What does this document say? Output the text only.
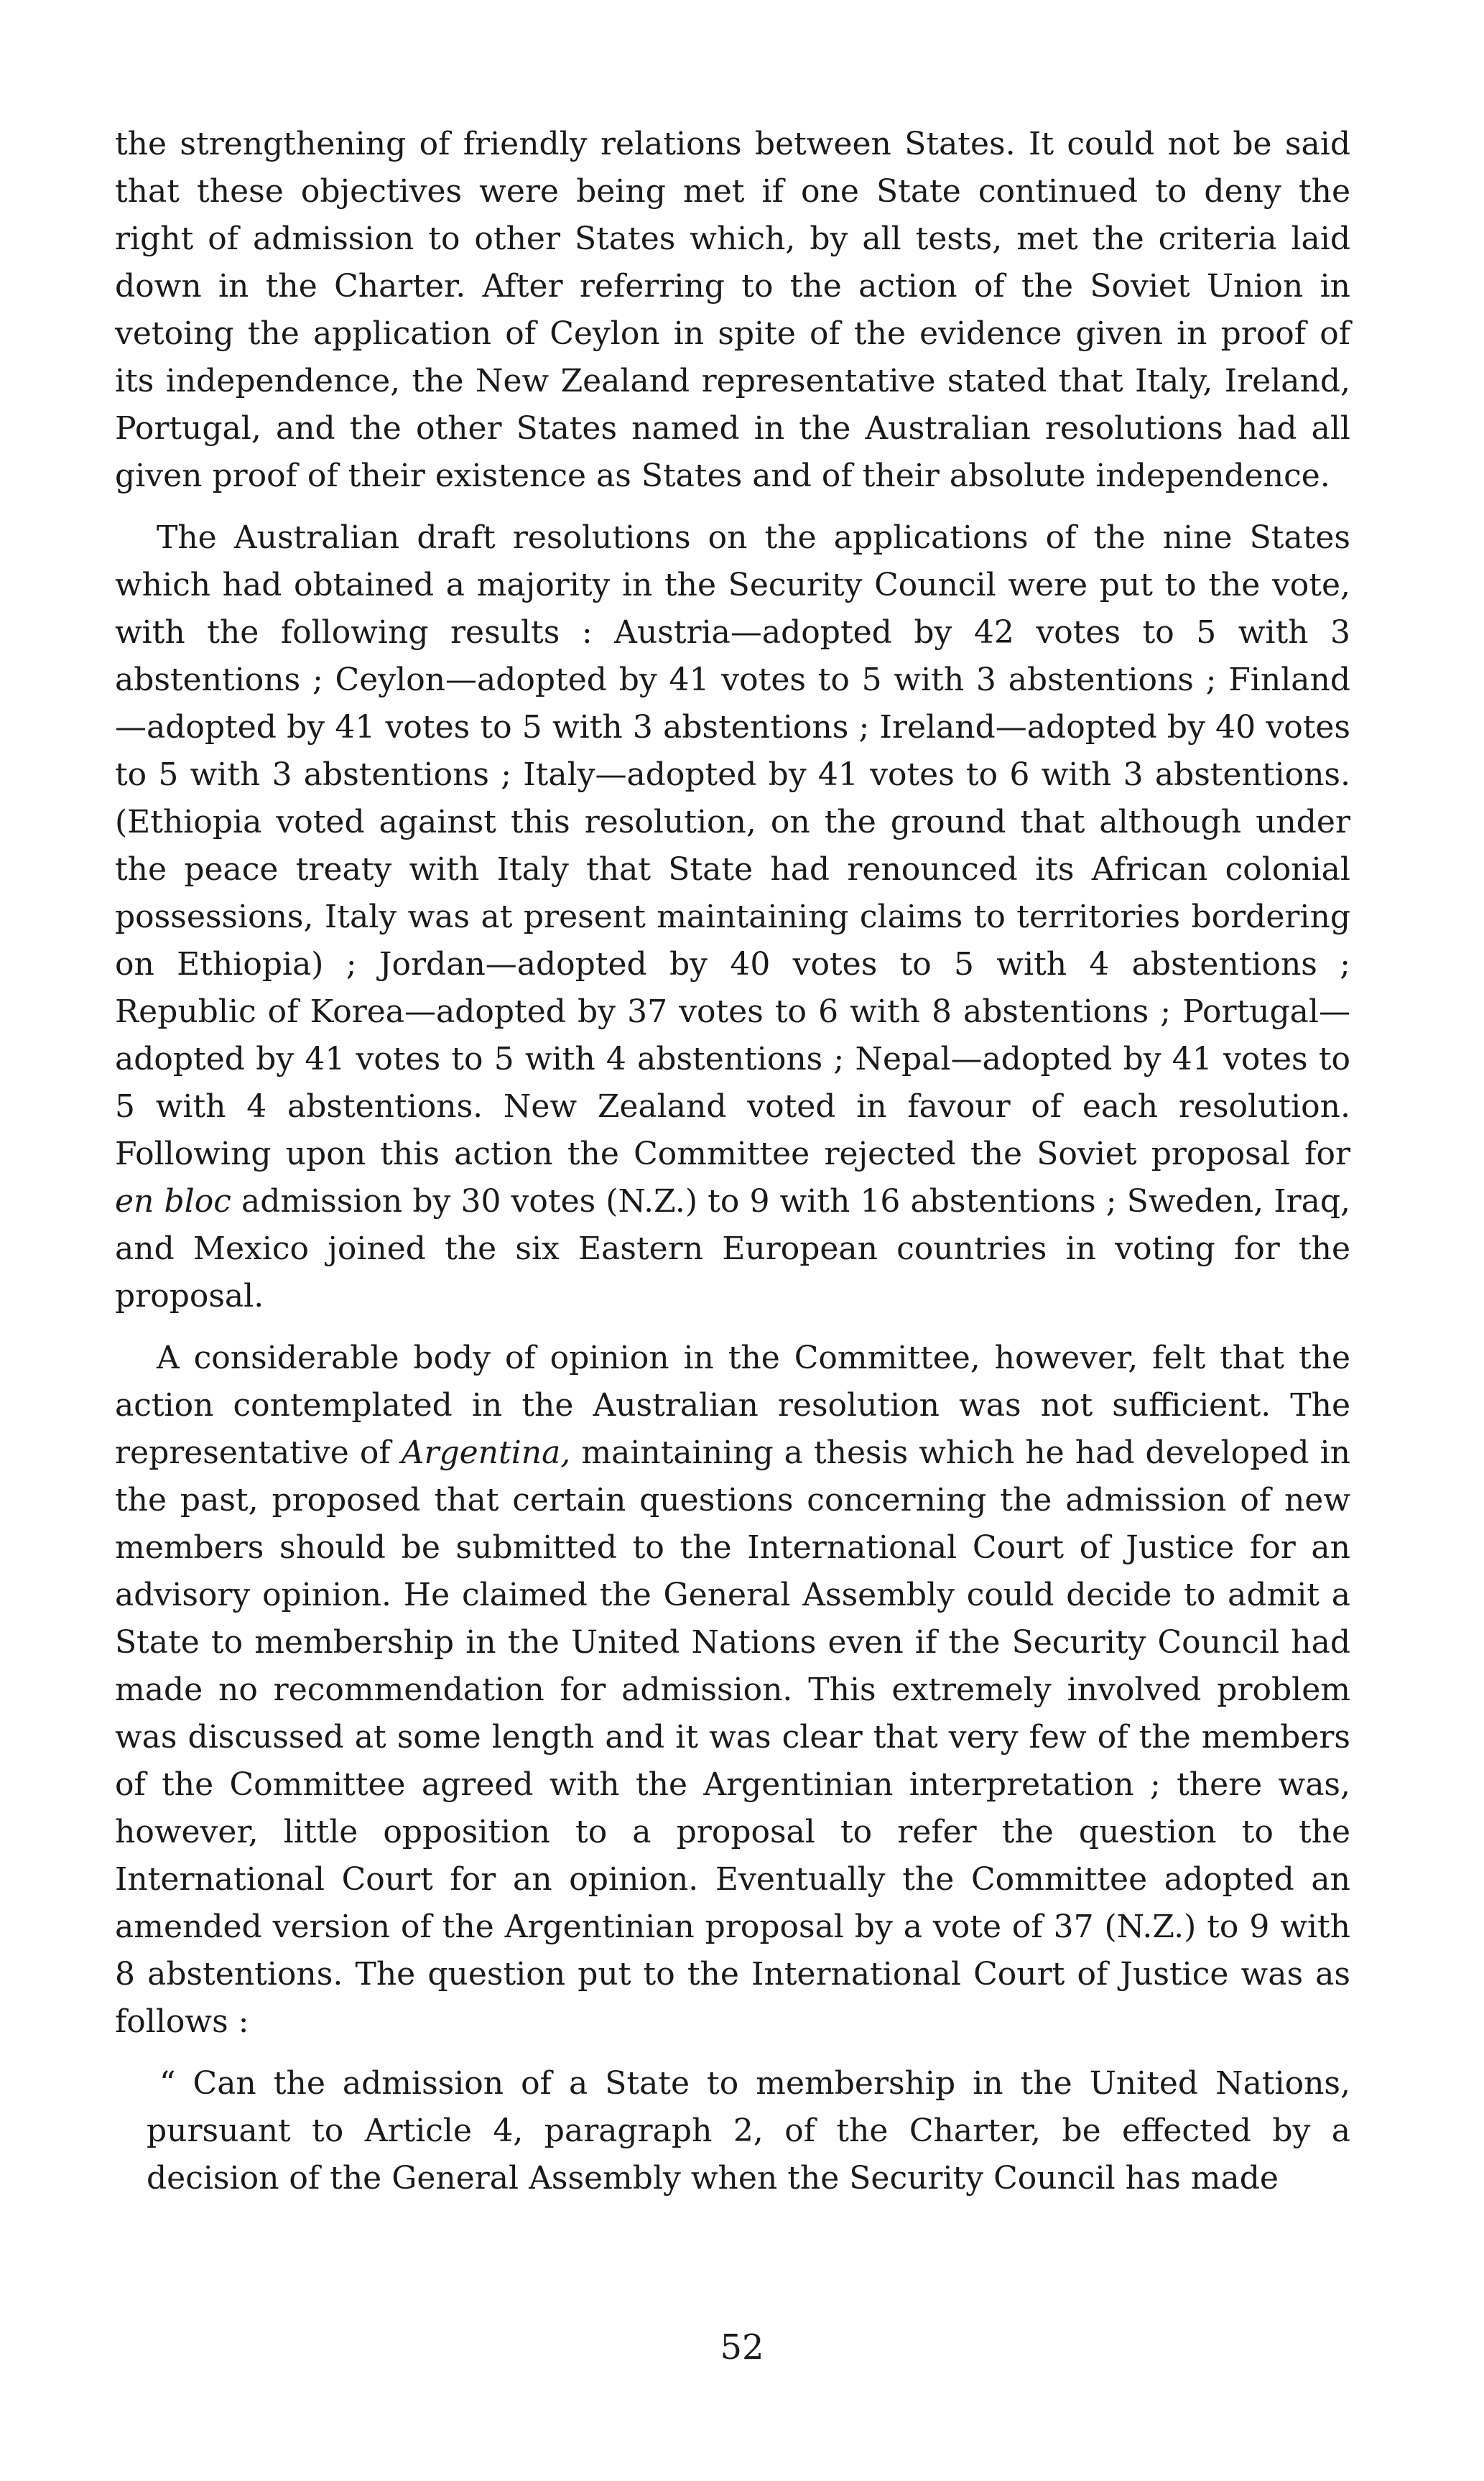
the strengthening of friendly relations between States. It could not be said that these objectives were being met if one State continued to deny the right of admission to other States which, by all tests, met the criteria laid down in the Charter. After referring to the action of the Soviet Union in vetoing the application of Ceylon in spite of the evidence given in proof of its independence, the New Zealand representative stated that Italy, Ireland, Portugal, and the other States named in the Australian resolutions had all given proof of their existence as States and of their absolute independence.

The Australian draft resolutions on the applications of the nine States which had obtained a majority in the Security Council were put to the vote, with the following results : Austria—adopted by 42 votes to 5 with 3 abstentions ; Ceylon—adopted by 41 votes to 5 with 3 abstentions ; Finland—adopted by 41 votes to 5 with 3 abstentions ; Ireland—adopted by 40 votes to 5 with 3 abstentions ; Italy—adopted by 41 votes to 6 with 3 abstentions. (Ethiopia voted against this resolution, on the ground that although under the peace treaty with Italy that State had renounced its African colonial possessions, Italy was at present maintaining claims to territories bordering on Ethiopia) ; Jordan—adopted by 40 votes to 5 with 4 abstentions ; Republic of Korea—adopted by 37 votes to 6 with 8 abstentions ; Portugal—adopted by 41 votes to 5 with 4 abstentions ; Nepal—adopted by 41 votes to 5 with 4 abstentions. New Zealand voted in favour of each resolution. Following upon this action the Committee rejected the Soviet proposal for en bloc admission by 30 votes (N.Z.) to 9 with 16 abstentions ; Sweden, Iraq, and Mexico joined the six Eastern European countries in voting for the proposal.

A considerable body of opinion in the Committee, however, felt that the action contemplated in the Australian resolution was not sufficient. The representative of Argentina, maintaining a thesis which he had developed in the past, proposed that certain questions concerning the admission of new members should be submitted to the International Court of Justice for an advisory opinion. He claimed the General Assembly could decide to admit a State to membership in the United Nations even if the Security Council had made no recommendation for admission. This extremely involved problem was discussed at some length and it was clear that very few of the members of the Committee agreed with the Argentinian interpretation ; there was, however, little opposition to a proposal to refer the question to the International Court for an opinion. Eventually the Committee adopted an amended version of the Argentinian proposal by a vote of 37 (N.Z.) to 9 with 8 abstentions. The question put to the International Court of Justice was as follows :

“ Can the admission of a State to membership in the United Nations, pursuant to Article 4, paragraph 2, of the Charter, be effected by a decision of the General Assembly when the Security Council has made

52
